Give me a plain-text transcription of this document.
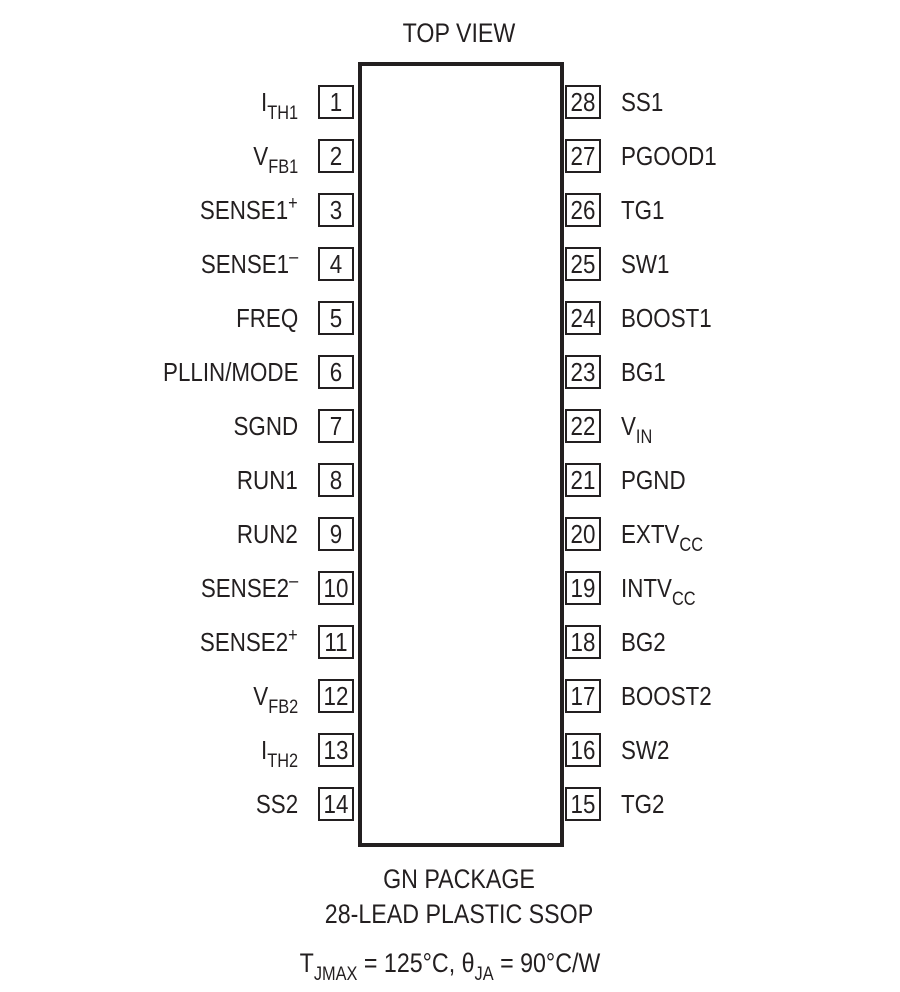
TOP VIEW
1
$I_{TH1}$
2
$V_{FB1}$
3
SENSE1+
4
SENSE1–
5
FREQ
6
PLLIN/MODE
7
SGND
8
RUN1
9
RUN2
10
SENSE2–
11
SENSE2+
12
$V_{FB2}$
13
$I_{TH2}$
14
SS2
28 SS1
27 PGOOD1
26 TG1
25 SW1
24 BOOST1
23 BG1
22 $V_{IN}$
21 PGND
20 $EXTV_{CC}$
19 $INTV_{CC}$
18 BG2
17 BOOST2
16 SW2
15 TG2
GN PACKAGE
28-LEAD PLASTIC SSOP
$T_{JMAX} = 125^\circ C$, $\theta_{JA} = 90^\circ C/W$
